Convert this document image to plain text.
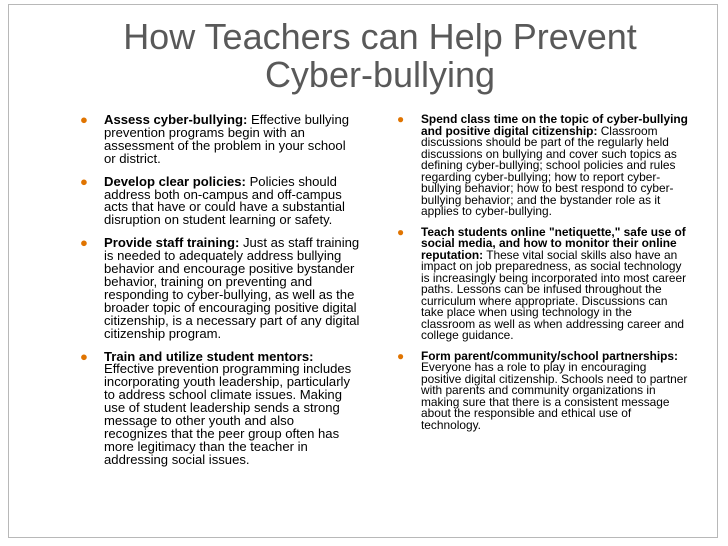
How Teachers can Help Prevent Cyber-bullying
● Assess cyber-bullying: Effective bullying prevention programs begin with an assessment of the problem in your school or district.
● Develop clear policies: Policies should address both on-campus and off-campus acts that have or could have a substantial disruption on student learning or safety.
● Provide staff training: Just as staff training is needed to adequately address bullying behavior and encourage positive bystander behavior, training on preventing and responding to cyber-bullying, as well as the broader topic of encouraging positive digital citizenship, is a necessary part of any digital citizenship program.
● Train and utilize student mentors: Effective prevention programming includes incorporating youth leadership, particularly to address school climate issues. Making use of student leadership sends a strong message to other youth and also recognizes that the peer group often has more legitimacy than the teacher in addressing social issues.
● Spend class time on the topic of cyber-bullying and positive digital citizenship: Classroom discussions should be part of the regularly held discussions on bullying and cover such topics as defining cyber-bullying; school policies and rules regarding cyber-bullying; how to report cyber-bullying behavior; how to best respond to cyber-bullying behavior; and the bystander role as it applies to cyber-bullying.
● Teach students online "netiquette," safe use of social media, and how to monitor their online reputation: These vital social skills also have an impact on job preparedness, as social technology is increasingly being incorporated into most career paths. Lessons can be infused throughout the curriculum where appropriate. Discussions can take place when using technology in the classroom as well as when addressing career and college guidance.
● Form parent/community/school partnerships: Everyone has a role to play in encouraging positive digital citizenship. Schools need to partner with parents and community organizations in making sure that there is a consistent message about the responsible and ethical use of technology.
